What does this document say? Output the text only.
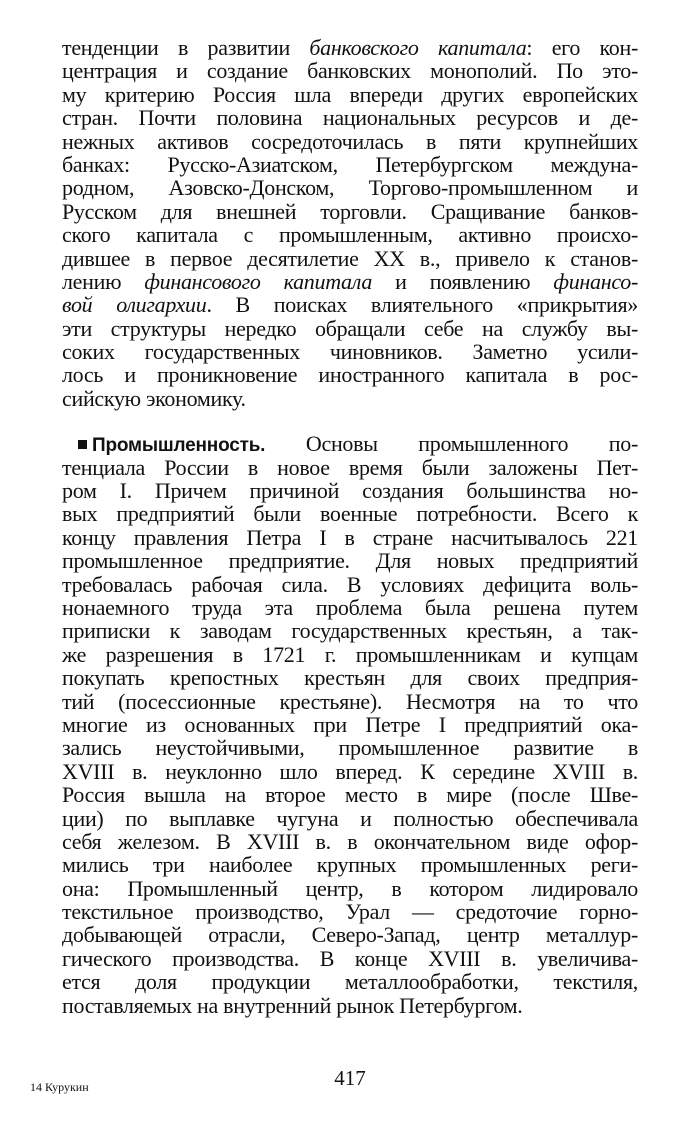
тенденции в развитии банковского капитала: его кон-
центрация и создание банковских монополий. По это-
му критерию Россия шла впереди других европейских
стран. Почти половина национальных ресурсов и де-
нежных активов сосредоточилась в пяти крупнейших
банках: Русско-Азиатском, Петербургском междуна-
родном, Азовско-Донском, Торгово-промышленном и
Русском для внешней торговли. Сращивание банков-
ского капитала с промышленным, активно происхо-
дившее в первое десятилетие XX в., привело к станов-
лению финансового капитала и появлению финансо-
вой олигархии. В поисках влиятельного «прикрытия»
эти структуры нередко обращали себе на службу вы-
соких государственных чиновников. Заметно усили-
лось и проникновение иностранного капитала в рос-
сийскую экономику.
Промышленность. Основы промышленного по-
тенциала России в новое время были заложены Пет-
ром I. Причем причиной создания большинства но-
вых предприятий были военные потребности. Всего к
концу правления Петра I в стране насчитывалось 221
промышленное предприятие. Для новых предприятий
требовалась рабочая сила. В условиях дефицита воль-
нонаемного труда эта проблема была решена путем
приписки к заводам государственных крестьян, а так-
же разрешения в 1721 г. промышленникам и купцам
покупать крепостных крестьян для своих предприя-
тий (посессионные крестьяне). Несмотря на то что
многие из основанных при Петре I предприятий ока-
зались неустойчивыми, промышленное развитие в
XVIII в. неуклонно шло вперед. К середине XVIII в.
Россия вышла на второе место в мире (после Шве-
ции) по выплавке чугуна и полностью обеспечивала
себя железом. В XVIII в. в окончательном виде офор-
мились три наиболее крупных промышленных реги-
она: Промышленный центр, в котором лидировало
текстильное производство, Урал — средоточие горно-
добывающей отрасли, Северо-Запад, центр металлур-
гического производства. В конце XVIII в. увеличива-
ется доля продукции металлообработки, текстиля,
поставляемых на внутренний рынок Петербургом.
417
14 Курукин
